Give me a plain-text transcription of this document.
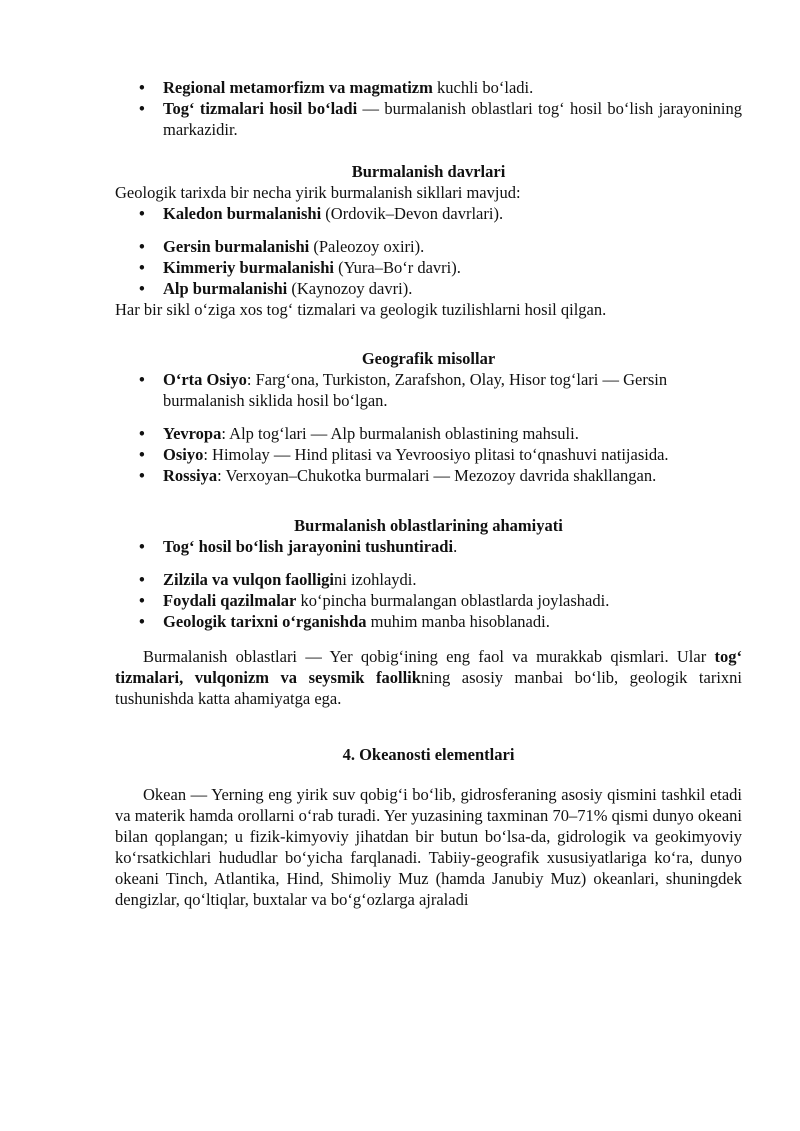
• Regional metamorfizm va magmatizm kuchli bo‘ladi.
• Tog‘ tizmalari hosil bo‘ladi — burmalanish oblastlari tog‘ hosil bo‘lish jarayonining markazidir.

Burmalanish davrlari

Geologik tarixda bir necha yirik burmalanish sikllari mavjud:

• Kaledon burmalanishi (Ordovik–Devon davrlari).
• Gersin burmalanishi (Paleozoy oxiri).
• Kimmeriy burmalanishi (Yura–Bo‘r davri).
• Alp burmalanishi (Kaynozoy davri).

Har bir sikl o‘ziga xos tog‘ tizmalari va geologik tuzilishlarni hosil qilgan.

Geografik misollar

• O‘rta Osiyo: Farg‘ona, Turkiston, Zarafshon, Olay, Hisor tog‘lari — Gersin burmalanish siklida hosil bo‘lgan.
• Yevropa: Alp tog‘lari — Alp burmalanish oblastining mahsuli.
• Osiyo: Himolay — Hind plitasi va Yevroosiyo plitasi to‘qnashuvi natijasida.
• Rossiya: Verxoyan–Chukotka burmalari — Mezozoy davrida shakllangan.

Burmalanish oblastlarining ahamiyati

• Tog‘ hosil bo‘lish jarayonini tushuntiradi.
• Zilzila va vulqon faolligini izohlaydi.
• Foydali qazilmalar ko‘pincha burmalangan oblastlarda joylashadi.
• Geologik tarixni o‘rganishda muhim manba hisoblanadi.

Burmalanish oblastlari — Yer qobig‘ining eng faol va murakkab qismlari. Ular tog‘ tizmalari, vulqonizm va seysmik faollikning asosiy manbai bo‘lib, geologik tarixni tushunishda katta ahamiyatga ega.

4. Okeanosti elementlari

Okean — Yerning eng yirik suv qobig‘i bo‘lib, gidrosferaning asosiy qismini tashkil etadi va materik hamda orollarni o‘rab turadi. Yer yuzasining taxminan 70–71% qismi dunyo okeani bilan qoplangan; u fizik-kimyoviy jihatdan bir butun bo‘lsa-da, gidrologik va geokimyoviy ko‘rsatkichlari hududlar bo‘yicha farqlanadi. Tabiiy-geografik xususiyatlariga ko‘ra, dunyo okeani Tinch, Atlantika, Hind, Shimoliy Muz (hamda Janubiy Muz) okeanlari, shuningdek dengizlar, qo‘ltiqlar, buxtalar va bo‘g‘ozlarga ajraladi
